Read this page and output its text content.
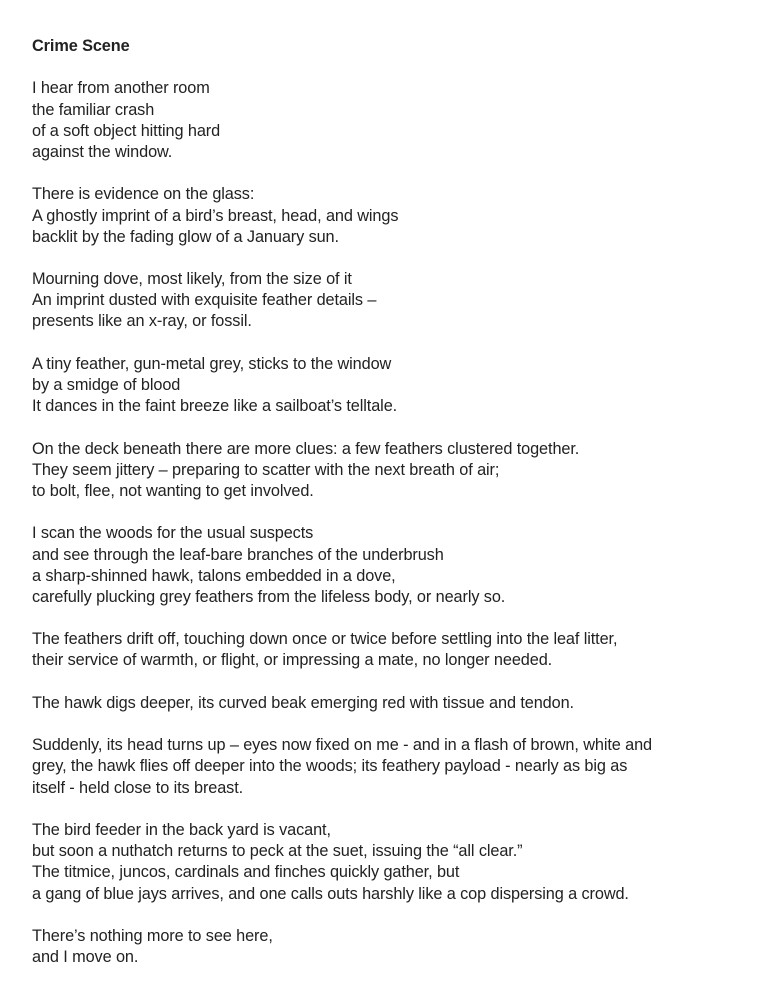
Crime Scene
I hear from another room
the familiar crash
of a soft object hitting hard
against the window.
There is evidence on the glass:
A ghostly imprint of a bird’s breast, head, and wings
backlit by the fading glow of a January sun.
Mourning dove, most likely, from the size of it
An imprint dusted with exquisite feather details –
presents like an x-ray, or fossil.
A tiny feather, gun-metal grey, sticks to the window
by a smidge of blood
It dances in the faint breeze like a sailboat’s telltale.
On the deck beneath there are more clues: a few feathers clustered together.
They seem jittery – preparing to scatter with the next breath of air;
to bolt, flee, not wanting to get involved.
I scan the woods for the usual suspects
and see through the leaf-bare branches of the underbrush
a sharp-shinned hawk, talons embedded in a dove,
carefully plucking grey feathers from the lifeless body, or nearly so.
The feathers drift off, touching down once or twice before settling into the leaf litter,
their service of warmth, or flight, or impressing a mate, no longer needed.
The hawk digs deeper, its curved beak emerging red with tissue and tendon.
Suddenly, its head turns up – eyes now fixed on me - and in a flash of brown, white and
grey, the hawk flies off deeper into the woods; its feathery payload - nearly as big as
itself - held close to its breast.
The bird feeder in the back yard is vacant,
but soon a nuthatch returns to peck at the suet, issuing the “all clear.”
The titmice, juncos, cardinals and finches quickly gather, but
a gang of blue jays arrives, and one calls outs harshly like a cop dispersing a crowd.
There’s nothing more to see here,
and I move on.
